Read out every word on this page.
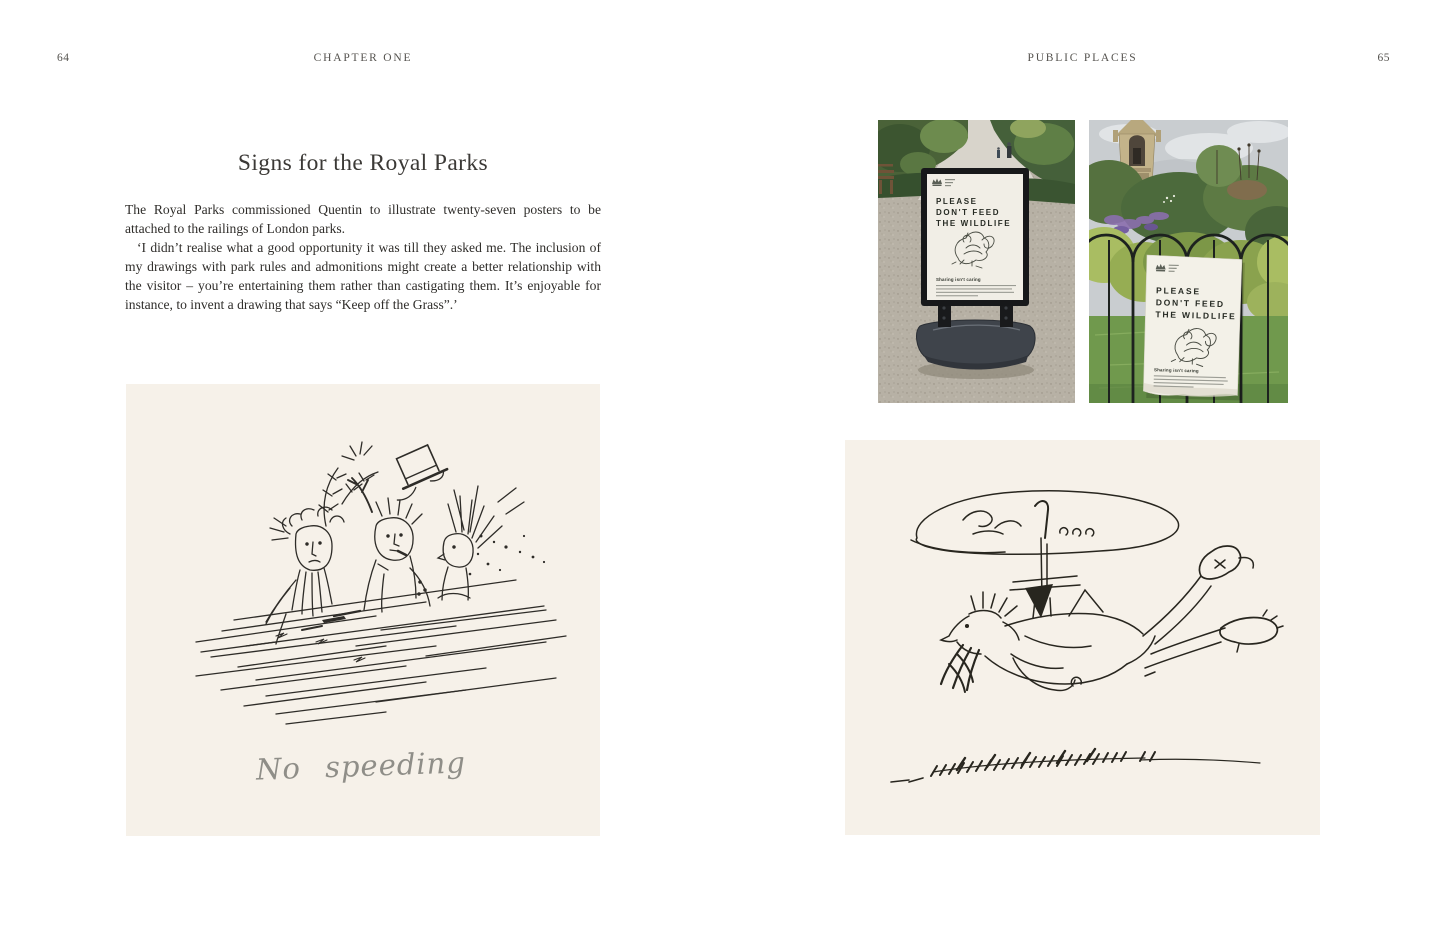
64	CHAPTER ONE	PUBLIC PLACES	65
Signs for the Royal Parks

The Royal Parks commissioned Quentin to illustrate twenty-seven posters to be attached to the railings of London parks.

‘I didn’t realise what a good opportunity it was till they asked me. The inclusion of my drawings with park rules and admonitions might create a better relationship with the visitor – you’re entertaining them rather than castigating them. It’s enjoyable for instance, to invent a drawing that says “Keep off the Grass”.’

No speeding
PLEASE
DON'T FEED
THE WILDLIFE
Sharing isn't caring
PLEASE
DON'T FEED
THE WILDLIFE
Sharing isn't caring
